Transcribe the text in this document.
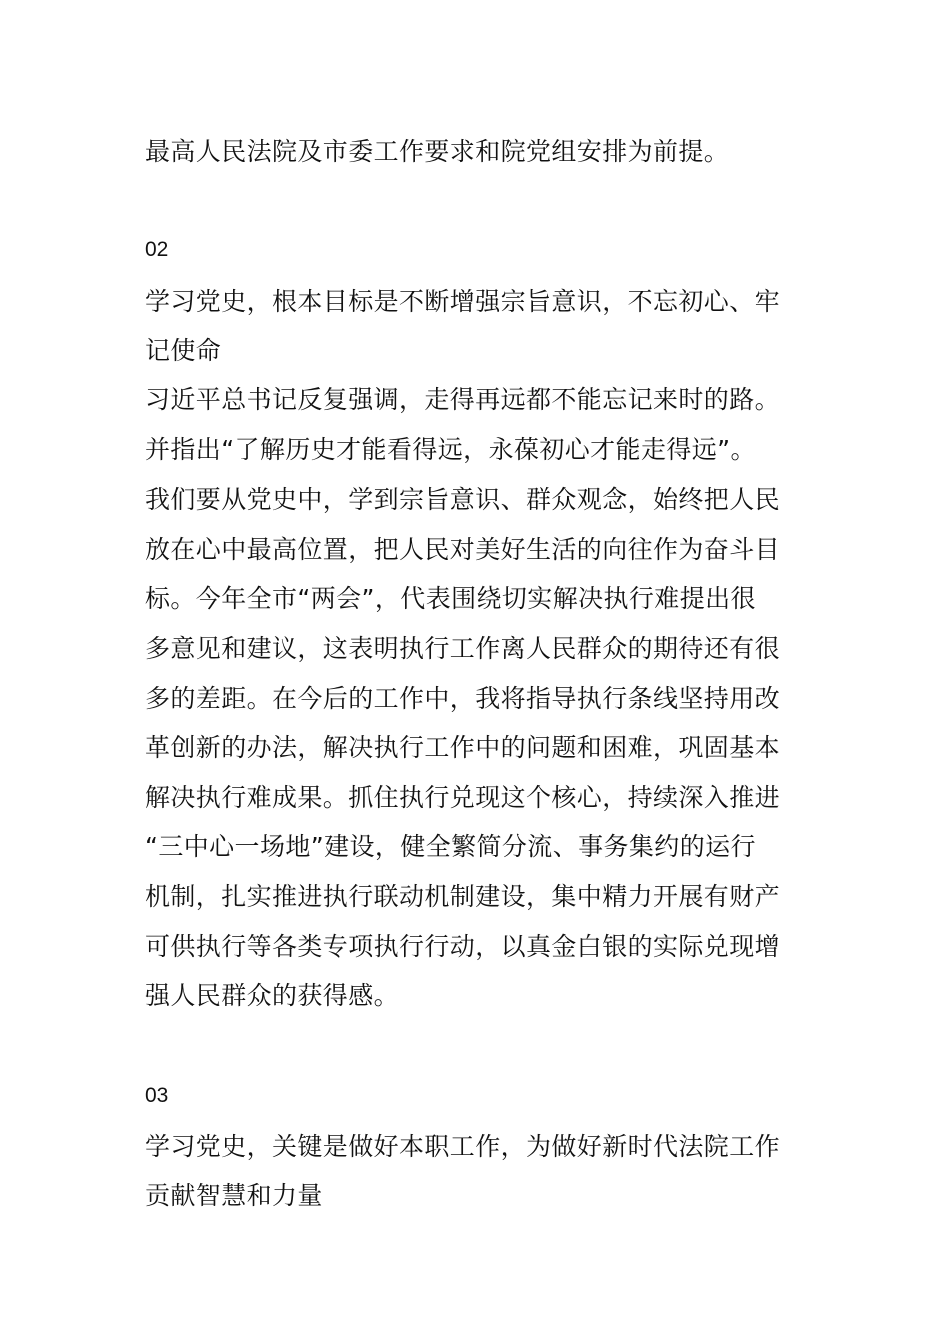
最高人民法院及市委工作要求和院党组安排为前提。
02
学习党史，根本目标是不断增强宗旨意识，不忘初心、牢
记使命
习近平总书记反复强调，走得再远都不能忘记来时的路。
并指出“了解历史才能看得远，永葆初心才能走得远”。
我们要从党史中，学到宗旨意识、群众观念，始终把人民
放在心中最高位置，把人民对美好生活的向往作为奋斗目
标。今年全市“两会”，代表围绕切实解决执行难提出很
多意见和建议，这表明执行工作离人民群众的期待还有很
多的差距。在今后的工作中，我将指导执行条线坚持用改
革创新的办法，解决执行工作中的问题和困难，巩固基本
解决执行难成果。抓住执行兑现这个核心，持续深入推进
“三中心一场地”建设，健全繁简分流、事务集约的运行
机制，扎实推进执行联动机制建设，集中精力开展有财产
可供执行等各类专项执行行动，以真金白银的实际兑现增
强人民群众的获得感。
03
学习党史，关键是做好本职工作，为做好新时代法院工作
贡献智慧和力量
